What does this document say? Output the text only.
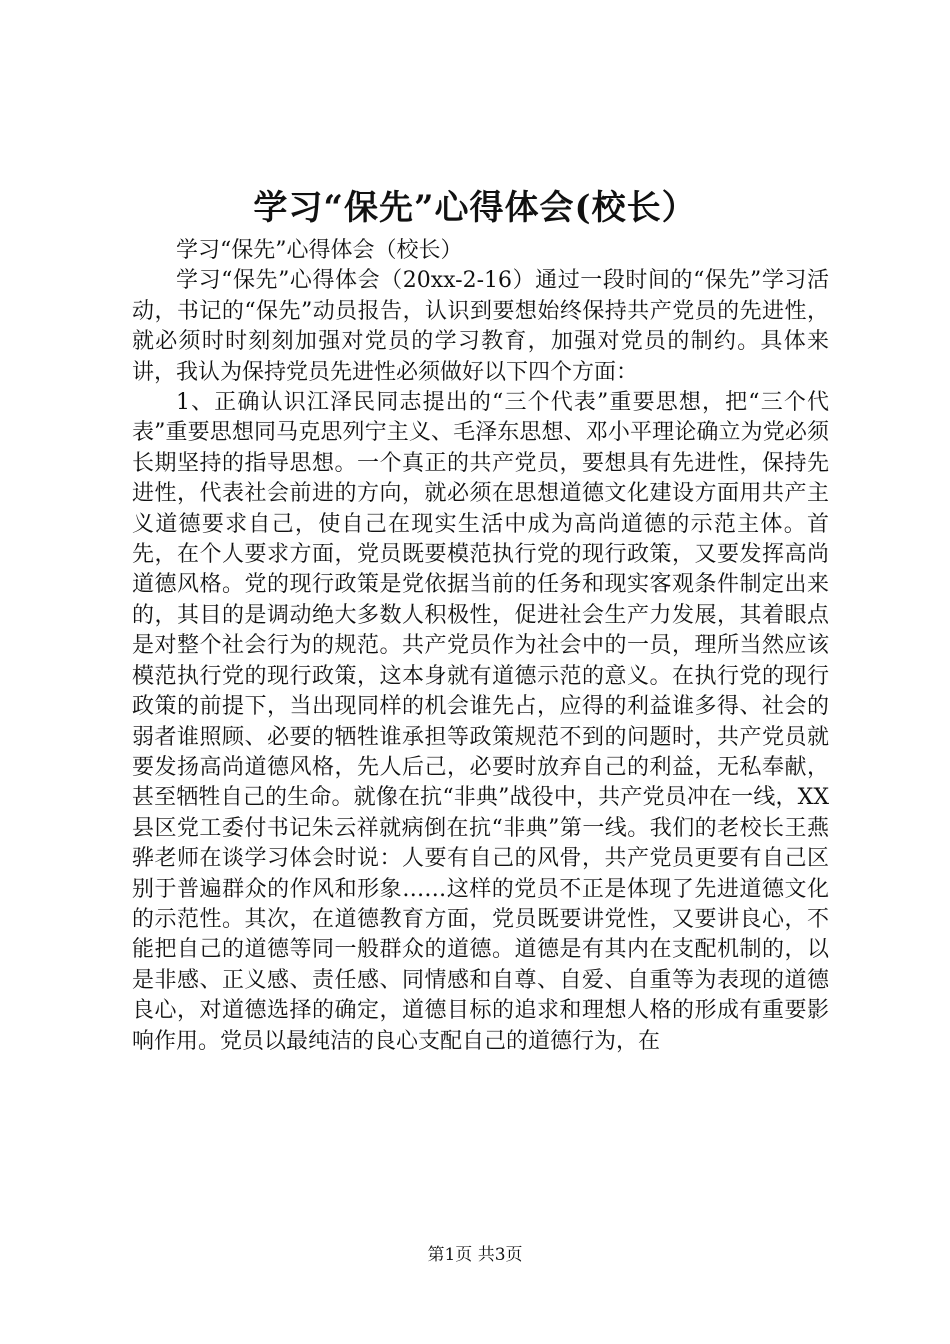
学习“保先”心得体会(校长）

学习“保先”心得体会（校长）

学习“保先”心得体会（20xx-2-16）通过一段时间的“保先”学习活动，书记的“保先”动员报告，认识到要想始终保持共产党员的先进性，就必须时时刻刻加强对党员的学习教育，加强对党员的制约。具体来讲，我认为保持党员先进性必须做好以下四个方面：

1、正确认识江泽民同志提出的“三个代表”重要思想，把“三个代表”重要思想同马克思列宁主义、毛泽东思想、邓小平理论确立为党必须长期坚持的指导思想。一个真正的共产党员，要想具有先进性，保持先进性，代表社会前进的方向，就必须在思想道德文化建设方面用共产主义道德要求自己，使自己在现实生活中成为高尚道德的示范主体。首先，在个人要求方面，党员既要模范执行党的现行政策，又要发挥高尚道德风格。党的现行政策是党依据当前的任务和现实客观条件制定出来的，其目的是调动绝大多数人积极性，促进社会生产力发展，其着眼点是对整个社会行为的规范。共产党员作为社会中的一员，理所当然应该模范执行党的现行政策，这本身就有道德示范的意义。在执行党的现行政策的前提下，当出现同样的机会谁先占，应得的利益谁多得、社会的弱者谁照顾、必要的牺牲谁承担等政策规范不到的问题时，共产党员就要发扬高尚道德风格，先人后己，必要时放弃自己的利益，无私奉献，甚至牺牲自己的生命。就像在抗“非典”战役中，共产党员冲在一线，XX县区党工委付书记朱云祥就病倒在抗“非典”第一线。我们的老校长王燕骅老师在谈学习体会时说：人要有自己的风骨，共产党员更要有自己区别于普遍群众的作风和形象……这样的党员不正是体现了先进道德文化的示范性。其次，在道德教育方面，党员既要讲党性，又要讲良心，不能把自己的道德等同一般群众的道德。道德是有其内在支配机制的，以是非感、正义感、责任感、同情感和自尊、自爱、自重等为表现的道德良心，对道德选择的确定，道德目标的追求和理想人格的形成有重要影响作用。党员以最纯洁的良心支配自己的道德行为，在

第1页 共3页
